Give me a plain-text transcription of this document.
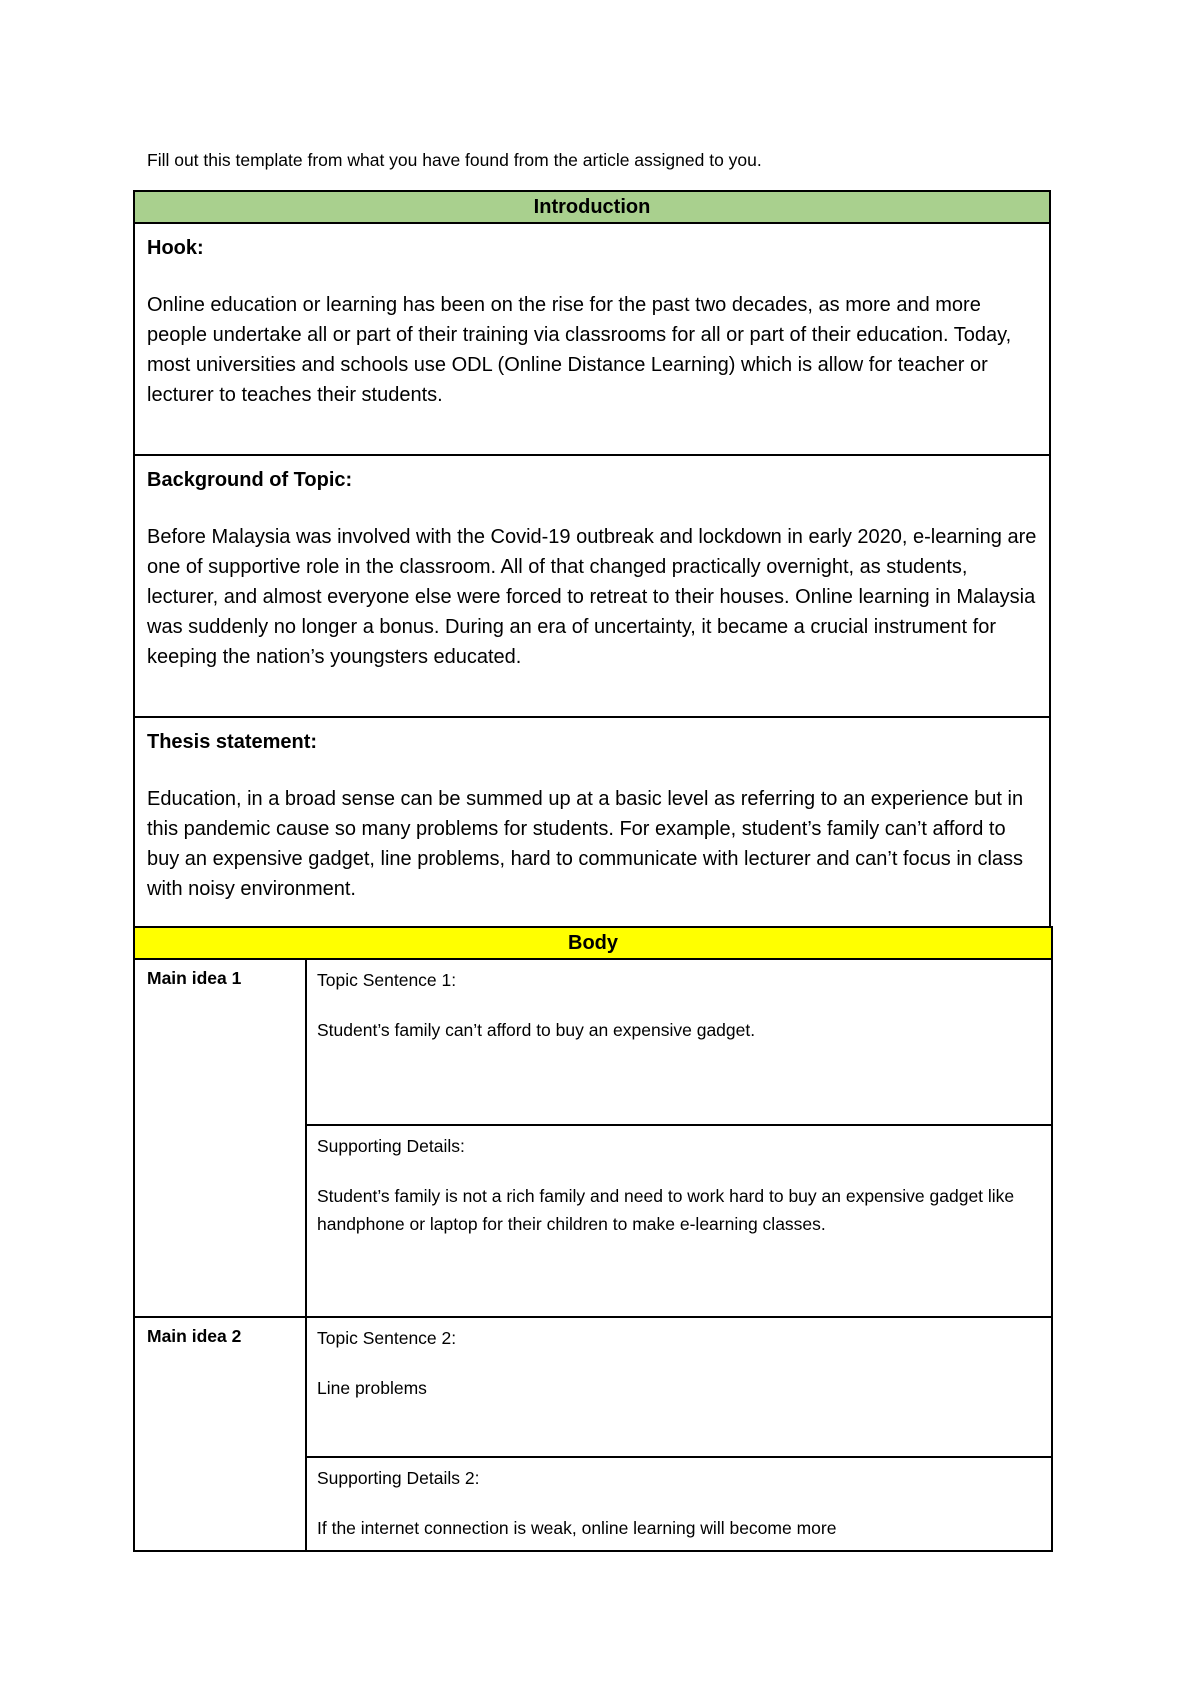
Fill out this template from what you have found from the article assigned to you.
Introduction

Hook:
Online education or learning has been on the rise for the past two decades, as more and more people undertake all or part of their training via classrooms for all or part of their education. Today, most universities and schools use ODL (Online Distance Learning) which is allow for teacher or lecturer to teaches their students.

Background of Topic:
Before Malaysia was involved with the Covid-19 outbreak and lockdown in early 2020, e-learning are one of supportive role in the classroom. All of that changed practically overnight, as students, lecturer, and almost everyone else were forced to retreat to their houses. Online learning in Malaysia was suddenly no longer a bonus. During an era of uncertainty, it became a crucial instrument for keeping the nation’s youngsters educated.

Thesis statement:
Education, in a broad sense can be summed up at a basic level as referring to an experience but in this pandemic cause so many problems for students. For example, student’s family can’t afford to buy an expensive gadget, line problems, hard to communicate with lecturer and can’t focus in class with noisy environment.
Body	
Main idea 1	Topic Sentence 1:
Student’s family can’t afford to buy an expensive gadget.

	Supporting Details:
Student’s family is not a rich family and need to work hard to buy an expensive gadget like handphone or laptop for their children to make e-learning classes.

Main idea 2	Topic Sentence 2:
Line problems

	Supporting Details 2:
If the internet connection is weak, online learning will become more
